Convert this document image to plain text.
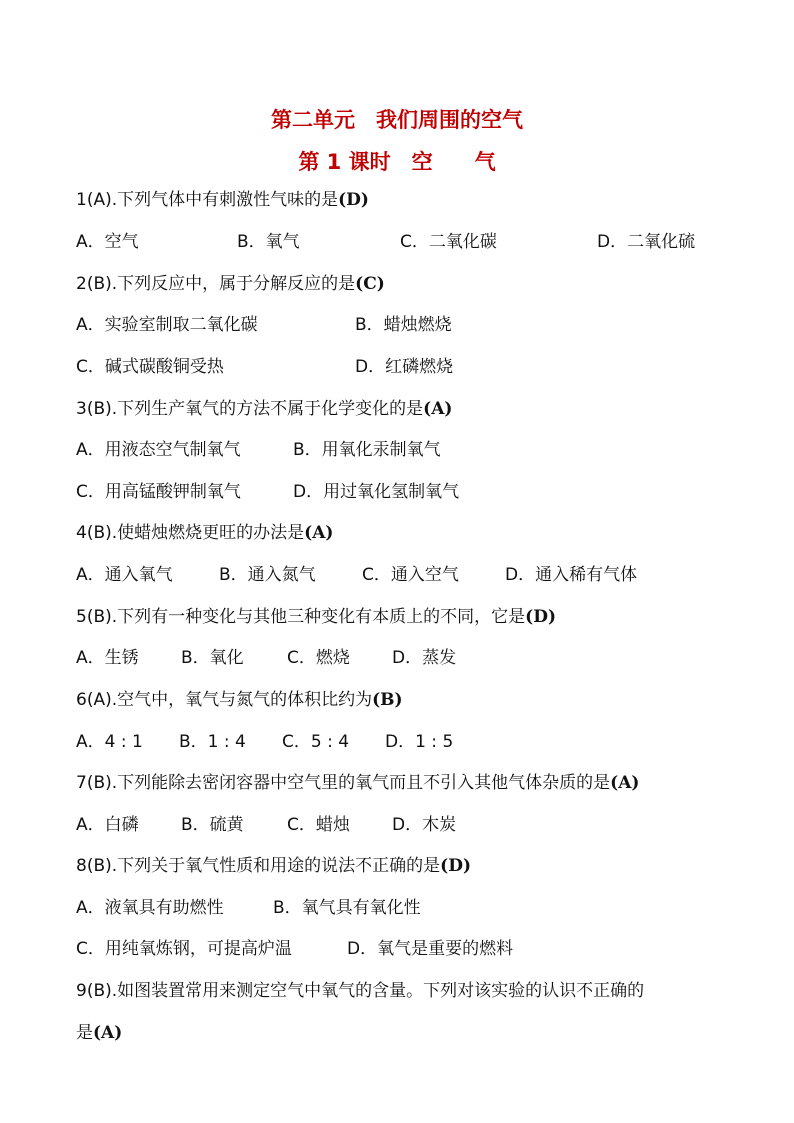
第二单元　我们周围的空气
第 1 课时　空　　气
1(A).下列气体中有刺激性气味的是(D)
A．空气	B．氧气	C．二氧化碳	D．二氧化硫
2(B).下列反应中，属于分解反应的是(C)
A．实验室制取二氧化碳	B．蜡烛燃烧
C．碱式碳酸铜受热	D．红磷燃烧
3(B).下列生产氧气的方法不属于化学变化的是(A)
A．用液态空气制氧气	B．用氧化汞制氧气
C．用高锰酸钾制氧气	D．用过氧化氢制氧气
4(B).使蜡烛燃烧更旺的办法是(A)
A．通入氧气	B．通入氮气	C．通入空气	D．通入稀有气体
5(B).下列有一种变化与其他三种变化有本质上的不同，它是(D)
A．生锈 B．氧化	C．燃烧 D．蒸发
6(A).空气中，氧气与氮气的体积比约为(B)
A．4 : 1 B．1 : 4 C．5 : 4 D．1 : 5
7(B).下列能除去密闭容器中空气里的氧气而且不引入其他气体杂质的是(A)
A．白磷 B．硫黄	C．蜡烛 D．木炭
8(B).下列关于氧气性质和用途的说法不正确的是(D)
A．液氧具有助燃性	B．氧气具有氧化性
C．用纯氧炼钢，可提高炉温	D．氧气是重要的燃料
9(B).如图装置常用来测定空气中氧气的含量。下列对该实验的认识不正确的
是(A)
